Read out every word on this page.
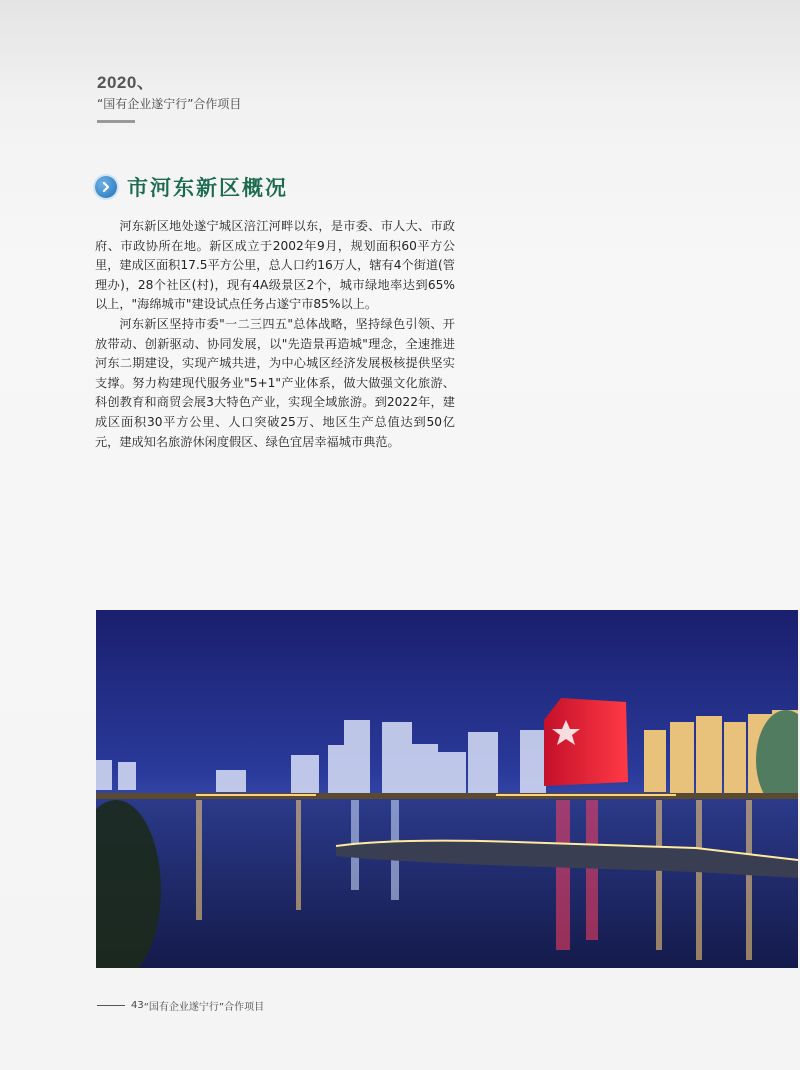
2020、
“国有企业遂宁行”合作项目
市河东新区概况

河东新区地处遂宁城区涪江河畔以东，是市委、市人大、市政府、市政协所在地。新区成立于2002年9月，规划面积60平方公里，建成区面积17.5平方公里，总人口约16万人，辖有4个街道(管理办)，28个社区(村)，现有4A级景区2个，城市绿地率达到65%以上，"海绵城市"建设试点任务占遂宁市85%以上。

河东新区坚持市委"一二三四五"总体战略，坚持绿色引领、开放带动、创新驱动、协同发展，以"先造景再造城"理念，全速推进河东二期建设，实现产城共进，为中心城区经济发展极核提供坚实支撑。努力构建现代服务业"5+1"产业体系，做大做强文化旅游、科创教育和商贸会展3大特色产业，实现全域旅游。到2022年，建成区面积30平方公里、人口突破25万、地区生产总值达到50亿元，建成知名旅游休闲度假区、绿色宜居幸福城市典范。

43 “国有企业遂宁行”合作项目
